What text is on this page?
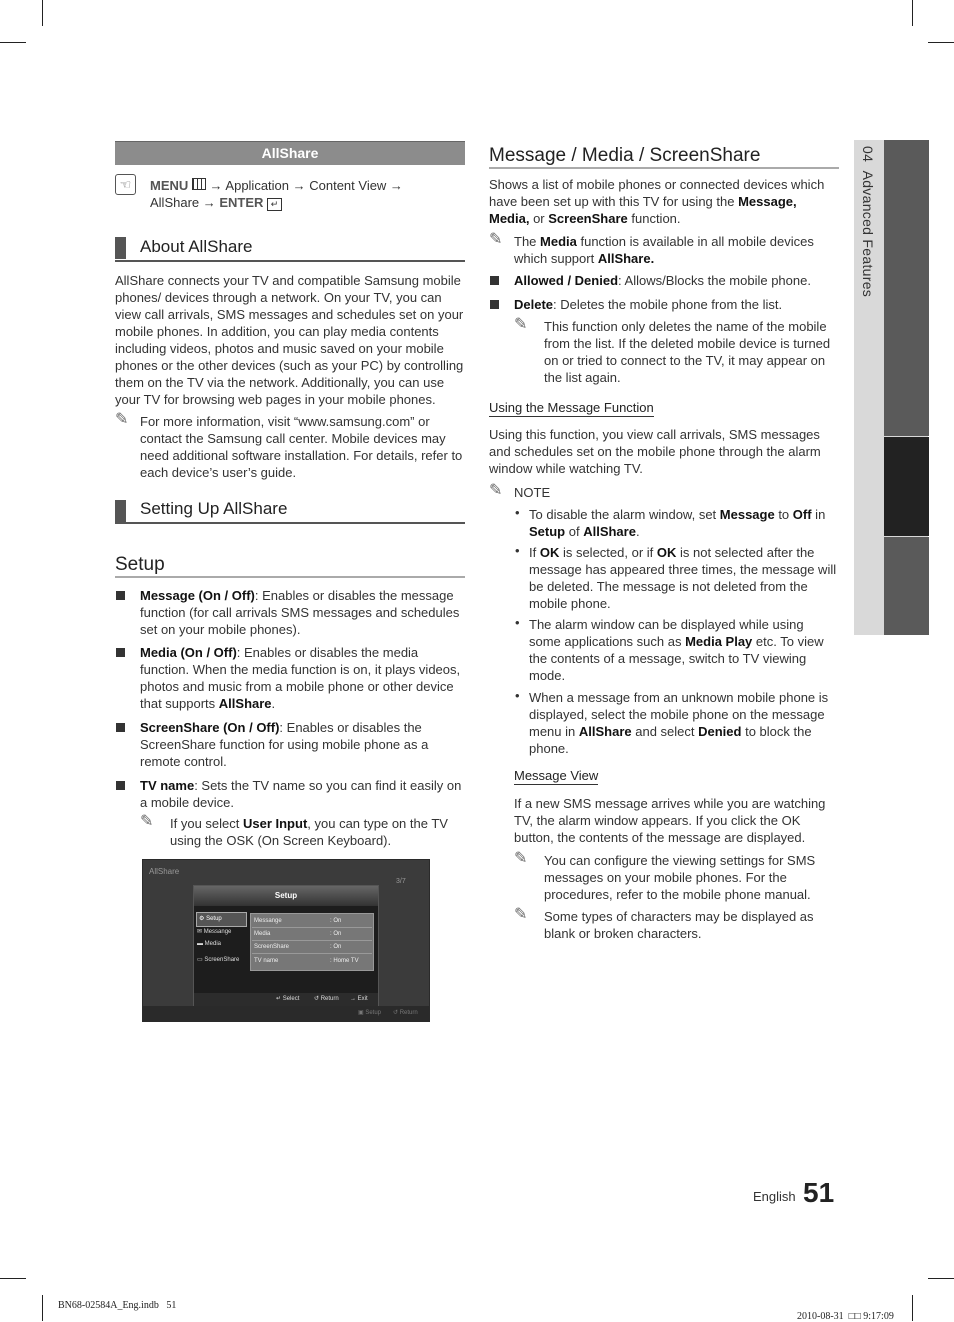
04  Advanced Features
AllShare
☜	MENU  → Application → Content View →
AllShare → ENTER ↵
About AllShare

AllShare connects your TV and compatible Samsung mobile phones/ devices through a network. On your TV, you can view call arrivals, SMS messages and schedules set on your mobile phones. In addition, you can play media contents including videos, photos and music saved on your mobile phones or the other devices (such as your PC) by controlling them on the TV via the network. Additionally, you can use your TV for browsing web pages in your mobile phones.

✎ For more information, visit “www.samsung.com” or contact the Samsung call center. Mobile devices may need additional software installation. For details, refer to each device’s user’s guide.

Setting Up AllShare
Setup

Message (On / Off): Enables or disables the message function (for call arrivals SMS messages and schedules set on your mobile phones).

Media (On / Off): Enables or disables the media function. When the media function is on, it plays videos, photos and music from a mobile phone or other device that supports AllShare.

ScreenShare (On / Off): Enables or disables the ScreenShare function for using mobile phone as a remote control.

TV name: Sets the TV name so you can find it easily on a mobile device.

✎ If you select User Input, you can type on the TV using the OSK (On Screen Keyboard).

AllShare
3/7
Setup
⚙ Setup
✉ Messange
▬ Media
▭ ScreenShare
Messange	: On
Media	: On
ScreenShare	: On
TV name	: Home TV
↵ Select ↺ Return → Exit
▣ Setup ↺ Return
Message / Media / ScreenShare

Shows a list of mobile phones or connected devices which have been set up with this TV for using the Message, Media, or ScreenShare function.

✎ The Media function is available in all mobile devices which support AllShare.

Allowed / Denied: Allows/Blocks the mobile phone.

Delete: Deletes the mobile phone from the list.

✎ This function only deletes the name of the mobile from the list. If the deleted mobile device is turned on or tried to connect to the TV, it may appear on the list again.

Using the Message Function

Using this function, you view call arrivals, SMS messages and schedules set on the mobile phone through the alarm window while watching TV.

✎ NOTE
• To disable the alarm window, set Message to Off in Setup of AllShare.

• If OK is selected, or if OK is not selected after the message has appeared three times, the message will be deleted. The message is not deleted from the mobile phone.

• The alarm window can be displayed while using some applications such as Media Play etc. To view the contents of a message, switch to TV viewing mode.

• When a message from an unknown mobile phone is displayed, select the mobile phone on the message menu in AllShare and select Denied to block the phone.

Message View

If a new SMS message arrives while you are watching TV, the alarm window appears. If you click the OK button, the contents of the message are displayed.

✎ You can configure the viewing settings for SMS messages on your mobile phones. For the procedures, refer to the mobile phone manual.

✎ Some types of characters may be displayed as blank or broken characters.

English 51
BN68-02584A_Eng.indb   51

2010-08-31 □□ 9:17:09
